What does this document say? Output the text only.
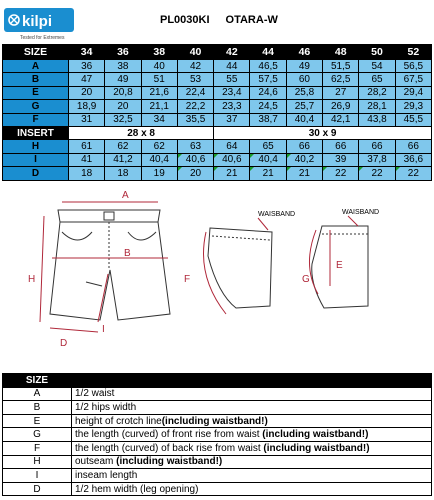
kilpi
Tested for Extremes
PL0030KI OTARA-W
SIZE	34	36	38	40	42	44	46	48	50	52
A	36	38	40	42	44	46,5	49	51,5	54	56,5
B	47	49	51	53	55	57,5	60	62,5	65	67,5
E	20	20,8	21,6	22,4	23,4	24,6	25,8	27	28,2	29,4
G	18,9	20	21,1	22,2	23,3	24,5	25,7	26,9	28,1	29,3
F	31	32,5	34	35,5	37	38,7	40,4	42,1	43,8	45,5
INSERT	28 x 8				30 x 9					
H	61	62	62	63	64	65	66	66	66	66
I	41	41,2	40,4	40,6	40,6	40,4	40,2	39	37,8	36,6
D	18	18	19	20	21	21	21	22	22	22
A
B
H
I
D
F
WAISBAND
E
G
WAISBAND
SIZE	
A	1/2 waist
B	1/2 hips width
E	height of crotch line(including waistband!)
G	the length (curved) of front rise from waist (including waistband!)
F	the length (curved) of back rise from waist (including waistband!)
H	outseam (including waistband!)
I	inseam length
D	1/2 hem width (leg opening)
